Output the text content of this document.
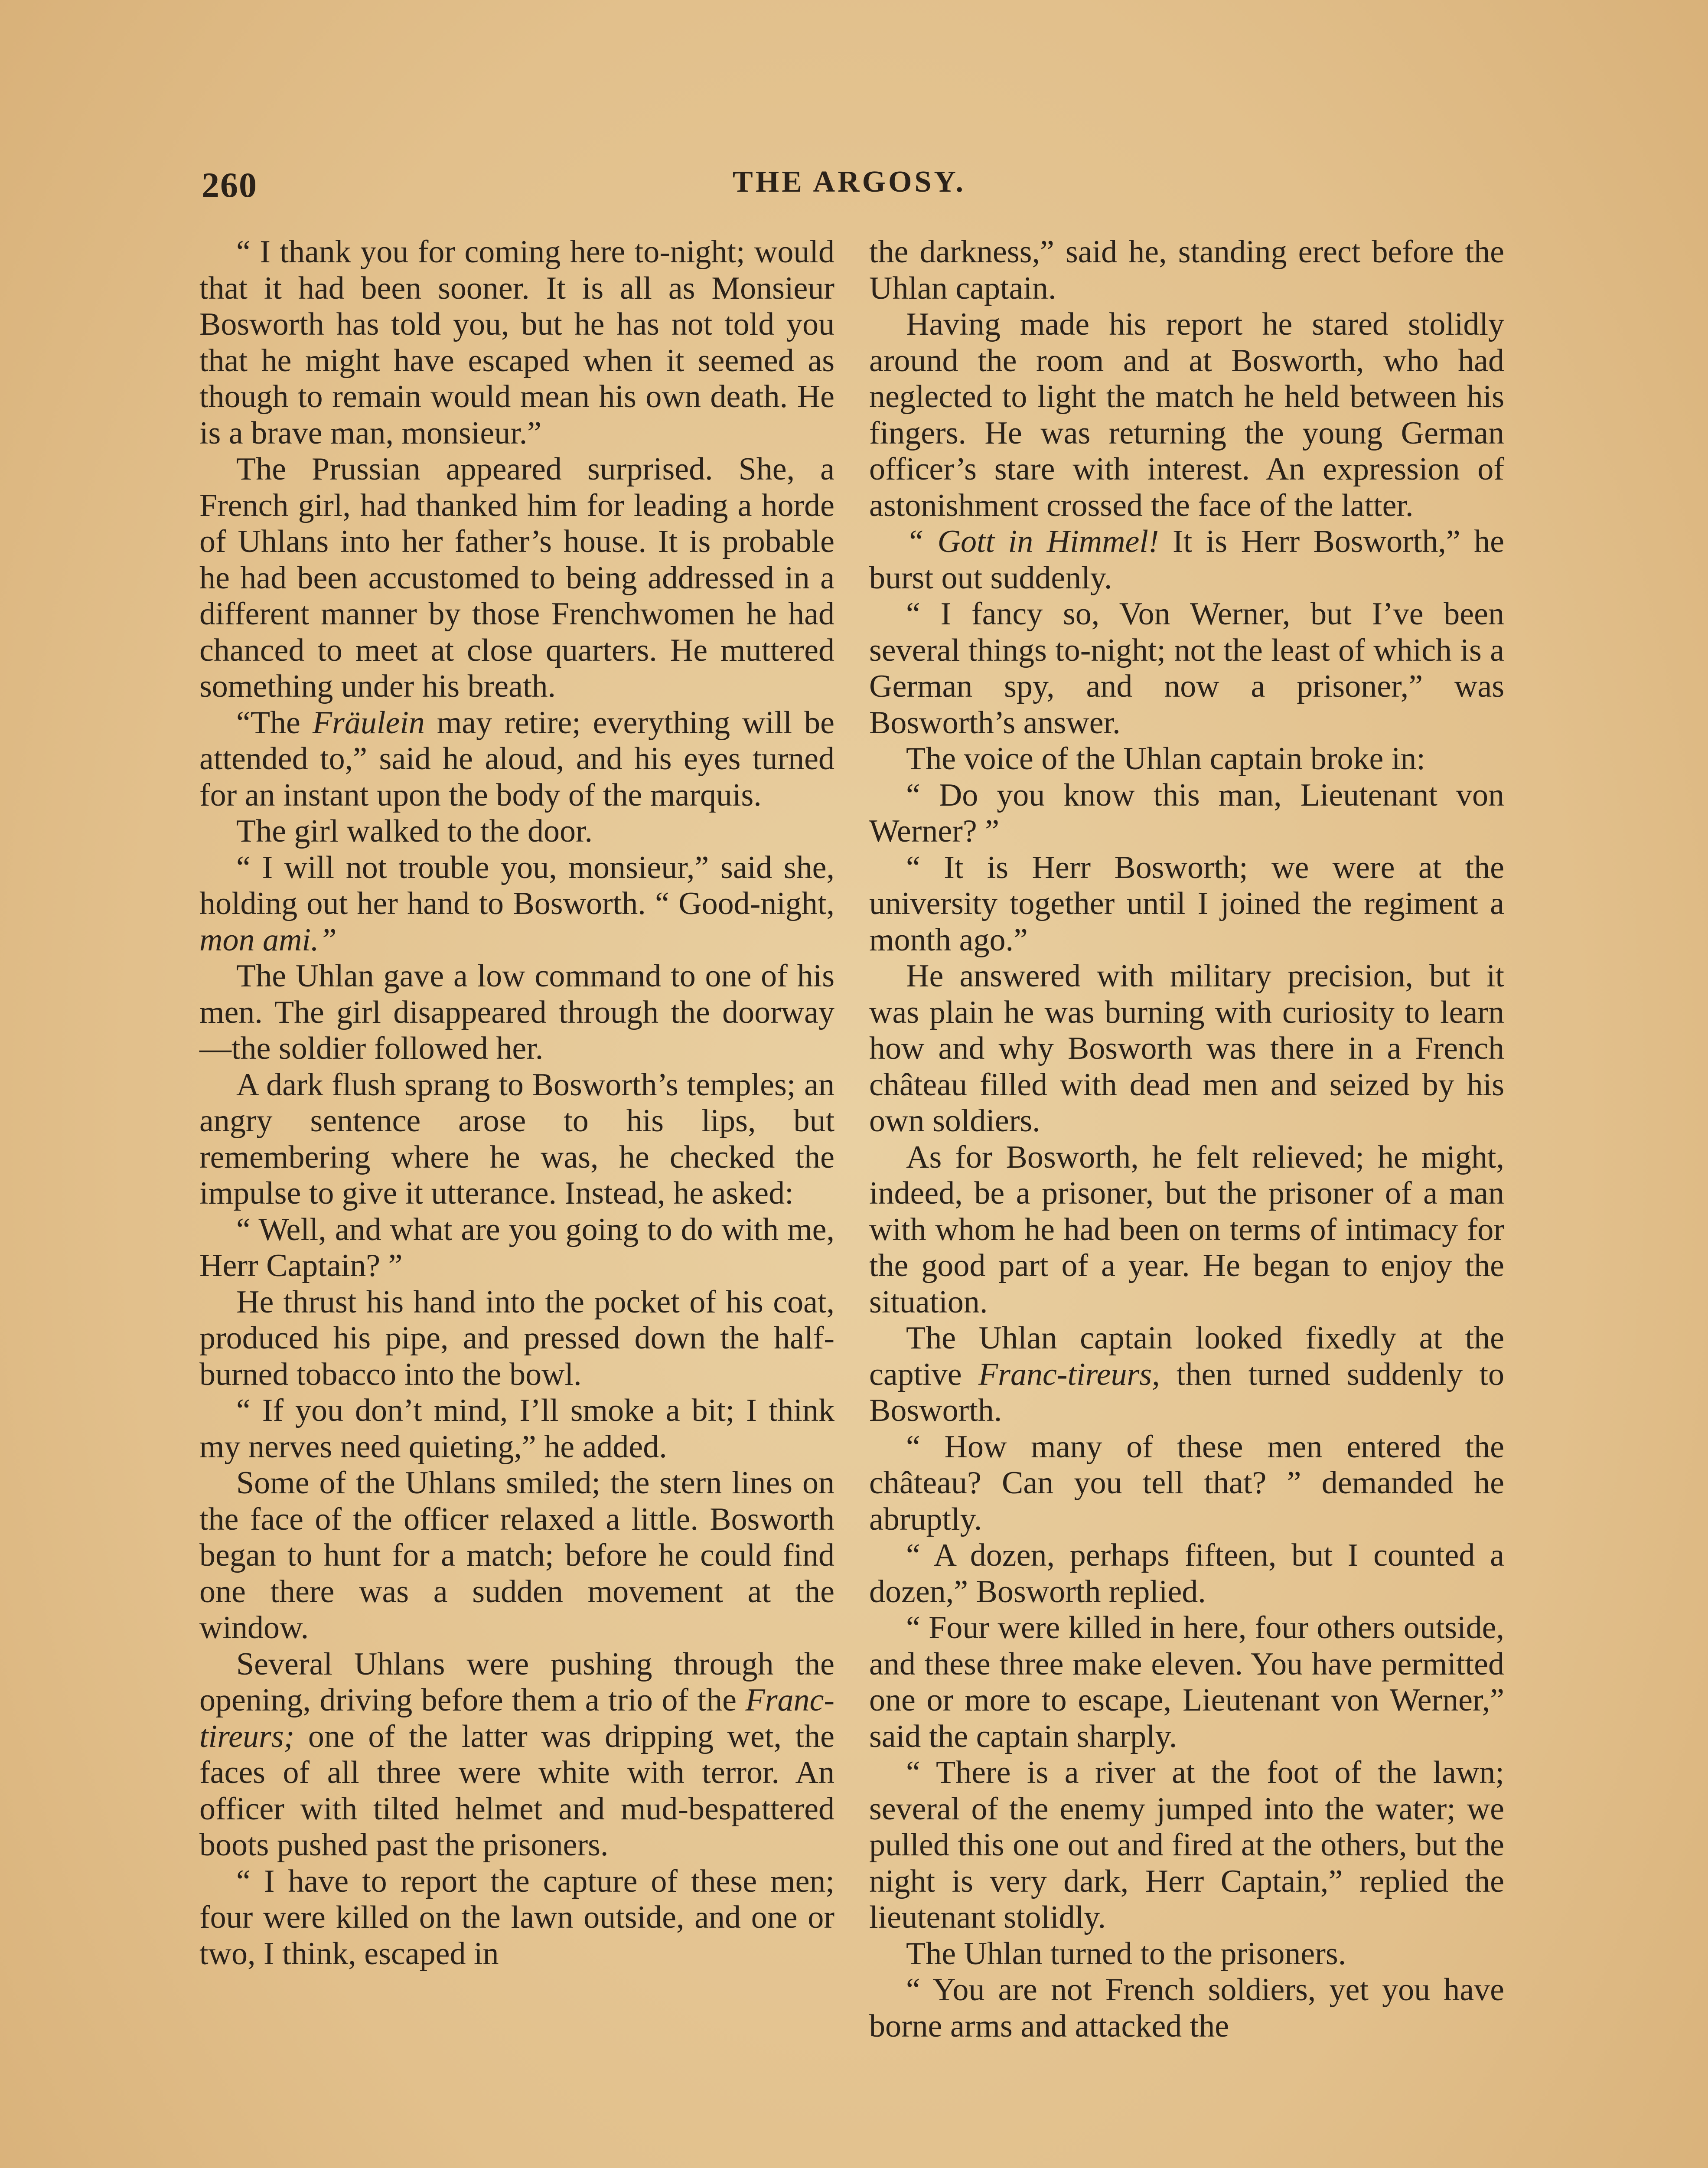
260	THE ARGOSY.

“ I thank you for coming here to-night; would that it had been sooner. It is all as Monsieur Bosworth has told you, but he has not told you that he might have escaped when it seemed as though to remain would mean his own death. He is a brave man, monsieur.”

The Prussian appeared surprised. She, a French girl, had thanked him for leading a horde of Uhlans into her father’s house. It is probable he had been accustomed to being addressed in a different manner by those Frenchwomen he had chanced to meet at close quarters. He muttered something under his breath.

“The Fräulein may retire; everything will be attended to,” said he aloud, and his eyes turned for an instant upon the body of the marquis.

The girl walked to the door.

“ I will not trouble you, monsieur,” said she, holding out her hand to Bosworth. “ Good-night, mon ami.”

The Uhlan gave a low command to one of his men. The girl disappeared through the doorway—the soldier followed her.

A dark flush sprang to Bosworth’s temples; an angry sentence arose to his lips, but remembering where he was, he checked the impulse to give it utterance. Instead, he asked:

“ Well, and what are you going to do with me, Herr Captain? ”

He thrust his hand into the pocket of his coat, produced his pipe, and pressed down the half-burned tobacco into the bowl.

“ If you don’t mind, I’ll smoke a bit; I think my nerves need quieting,” he added.

Some of the Uhlans smiled; the stern lines on the face of the officer relaxed a little. Bosworth began to hunt for a match; before he could find one there was a sudden movement at the window.

Several Uhlans were pushing through the opening, driving before them a trio of the Franc-tireurs; one of the latter was dripping wet, the faces of all three were white with terror. An officer with tilted helmet and mud-bespattered boots pushed past the prisoners.

“ I have to report the capture of these men; four were killed on the lawn outside, and one or two, I think, escaped in

the darkness,” said he, standing erect before the Uhlan captain.

Having made his report he stared stolidly around the room and at Bosworth, who had neglected to light the match he held between his fingers. He was returning the young German officer’s stare with interest. An expression of astonishment crossed the face of the latter.

“ Gott in Himmel! It is Herr Bosworth,” he burst out suddenly.

“ I fancy so, Von Werner, but I’ve been several things to-night; not the least of which is a German spy, and now a prisoner,” was Bosworth’s answer.

The voice of the Uhlan captain broke in:

“ Do you know this man, Lieutenant von Werner? ”

“ It is Herr Bosworth; we were at the university together until I joined the regiment a month ago.”

He answered with military precision, but it was plain he was burning with curiosity to learn how and why Bosworth was there in a French château filled with dead men and seized by his own soldiers.

As for Bosworth, he felt relieved; he might, indeed, be a prisoner, but the prisoner of a man with whom he had been on terms of intimacy for the good part of a year. He began to enjoy the situation.

The Uhlan captain looked fixedly at the captive Franc-tireurs, then turned suddenly to Bosworth.

“ How many of these men entered the château? Can you tell that? ” demanded he abruptly.

“ A dozen, perhaps fifteen, but I counted a dozen,” Bosworth replied.

“ Four were killed in here, four others outside, and these three make eleven. You have permitted one or more to escape, Lieutenant von Werner,” said the captain sharply.

“ There is a river at the foot of the lawn; several of the enemy jumped into the water; we pulled this one out and fired at the others, but the night is very dark, Herr Captain,” replied the lieutenant stolidly.

The Uhlan turned to the prisoners.

“ You are not French soldiers, yet you have borne arms and attacked the
